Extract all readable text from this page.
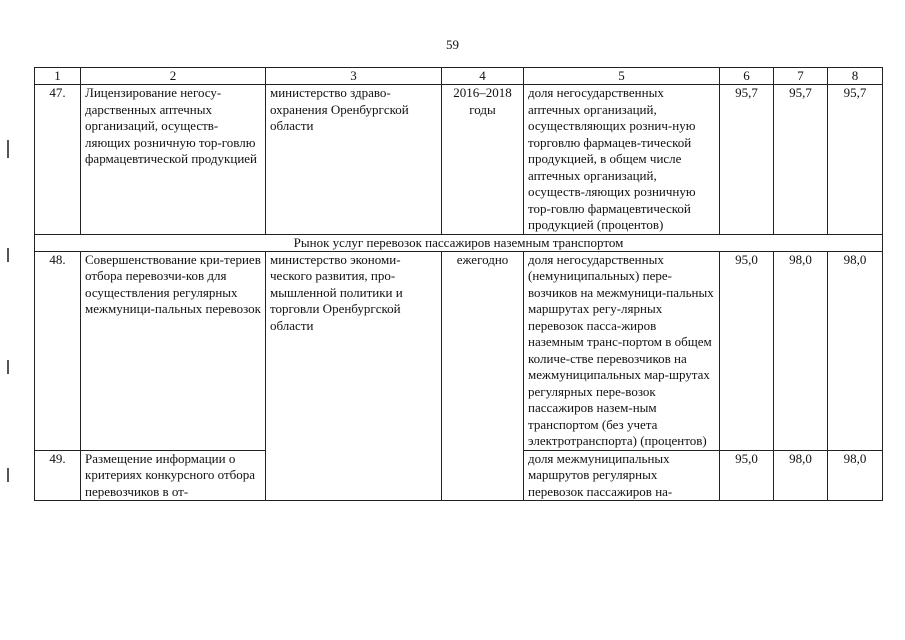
59
1	2	3	4	5	6	7	8
47.	Лицензирование негосу-дарственных аптечных организаций, осуществ-ляющих розничную тор-говлю фармацевтической продукцией	министерство здраво-охранения Оренбургской области	2016–2018 годы	доля негосударственных аптечных организаций, осуществляющих рознич-ную торговлю фармацев-тической продукцией, в общем числе аптечных организаций, осуществ-ляющих розничную тор-говлю фармацевтической продукцией (процентов)	95,7	95,7	95,7
Рынок услуг перевозок пассажиров наземным транспортом							
48.	Совершенствование кри-териев отбора перевозчи-ков для осуществления регулярных межмуници-пальных перевозок	министерство экономи-ческого развития, про-мышленной политики и торговли Оренбургской области	ежегодно	доля негосударственных (немуниципальных) пере-возчиков на межмуници-пальных маршрутах регу-лярных перевозок пасса-жиров наземным транс-портом в общем количе-стве перевозчиков на межмуниципальных мар-шрутах регулярных пере-возок пассажиров назем-ным транспортом (без учета электротранспорта) (процентов)	95,0	98,0	98,0
49.	Размещение информации о критериях конкурсного отбора перевозчиков в от-			доля межмуниципальных маршрутов регулярных перевозок пассажиров на-	95,0	98,0	98,0
